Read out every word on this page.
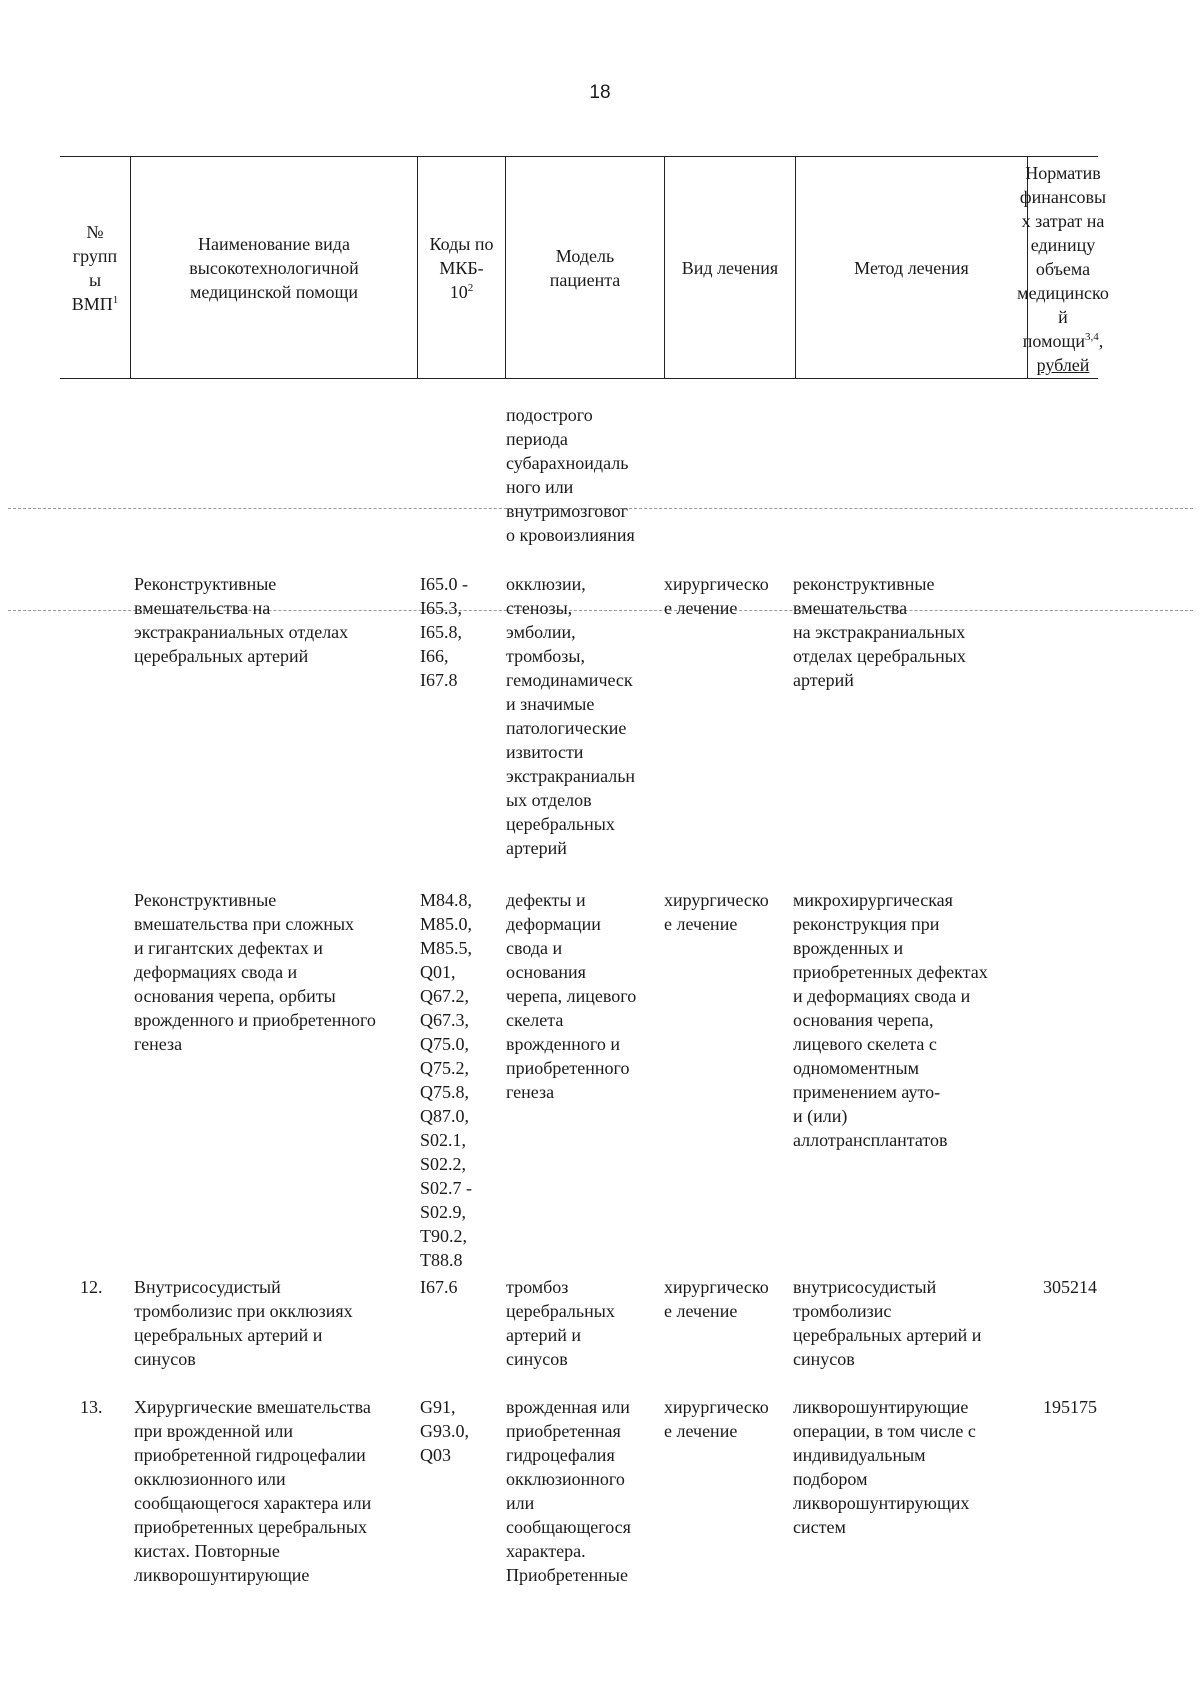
18
№
групп
ы
ВМП$^1$
Наименование вида
высокотехнологичной
медицинской помощи
Коды по
МКБ-
$10^2$
Модель
пациента
Вид лечения	Метод лечения
Норматив
финансовы
х затрат на
единицу
объема
медицинско
й
помощи$^{3,4}$,
рублей
подострого
периода
субарахноидаль
ного или
внутримозговог
о кровоизлияния
Реконструктивные
вмешательства на
экстракраниальных отделах
церебральных артерий
I65.0 -
I65.3,
I65.8,
I66,
I67.8
окклюзии,
стенозы,
эмболии,
тромбозы,
гемодинамическ
и значимые
патологические
извитости
экстракраниальн
ых отделов
церебральных
артерий
хирургическо
е лечение
реконструктивные
вмешательства
на экстракраниальных
отделах церебральных
артерий
Реконструктивные
вмешательства при сложных
и гигантских дефектах и
деформациях свода и
основания черепа, орбиты
врожденного и приобретенного
генеза
M84.8,
M85.0,
M85.5,
Q01,
Q67.2,
Q67.3,
Q75.0,
Q75.2,
Q75.8,
Q87.0,
S02.1,
S02.2,
S02.7 -
S02.9,
T90.2,
T88.8
дефекты и
деформации
свода и
основания
черепа, лицевого
скелета
врожденного и
приобретенного
генеза
хирургическо
е лечение
микрохирургическая
реконструкция при
врожденных и
приобретенных дефектах
и деформациях свода и
основания черепа,
лицевого скелета с
одномоментным
применением ауто-
и (или)
аллотрансплантатов
12. Внутрисосудистый
тромболизис при окклюзиях
церебральных артерий и
синусов
I67.6	тромбоз
церебральных
артерий и
синусов
хирургическо
е лечение
внутрисосудистый
тромболизис
церебральных артерий и
синусов
305214
13. Хирургические вмешательства
при врожденной или
приобретенной гидроцефалии
окклюзионного или
сообщающегося характера или
приобретенных церебральных
кистах. Повторные
ликворошунтирующие
G91,
G93.0,
Q03
врожденная или
приобретенная
гидроцефалия
окклюзионного
или
сообщающегося
характера.
Приобретенные
хирургическо
е лечение
ликворошунтирующие
операции, в том числе с
индивидуальным
подбором
ликворошунтирующих
систем
195175
